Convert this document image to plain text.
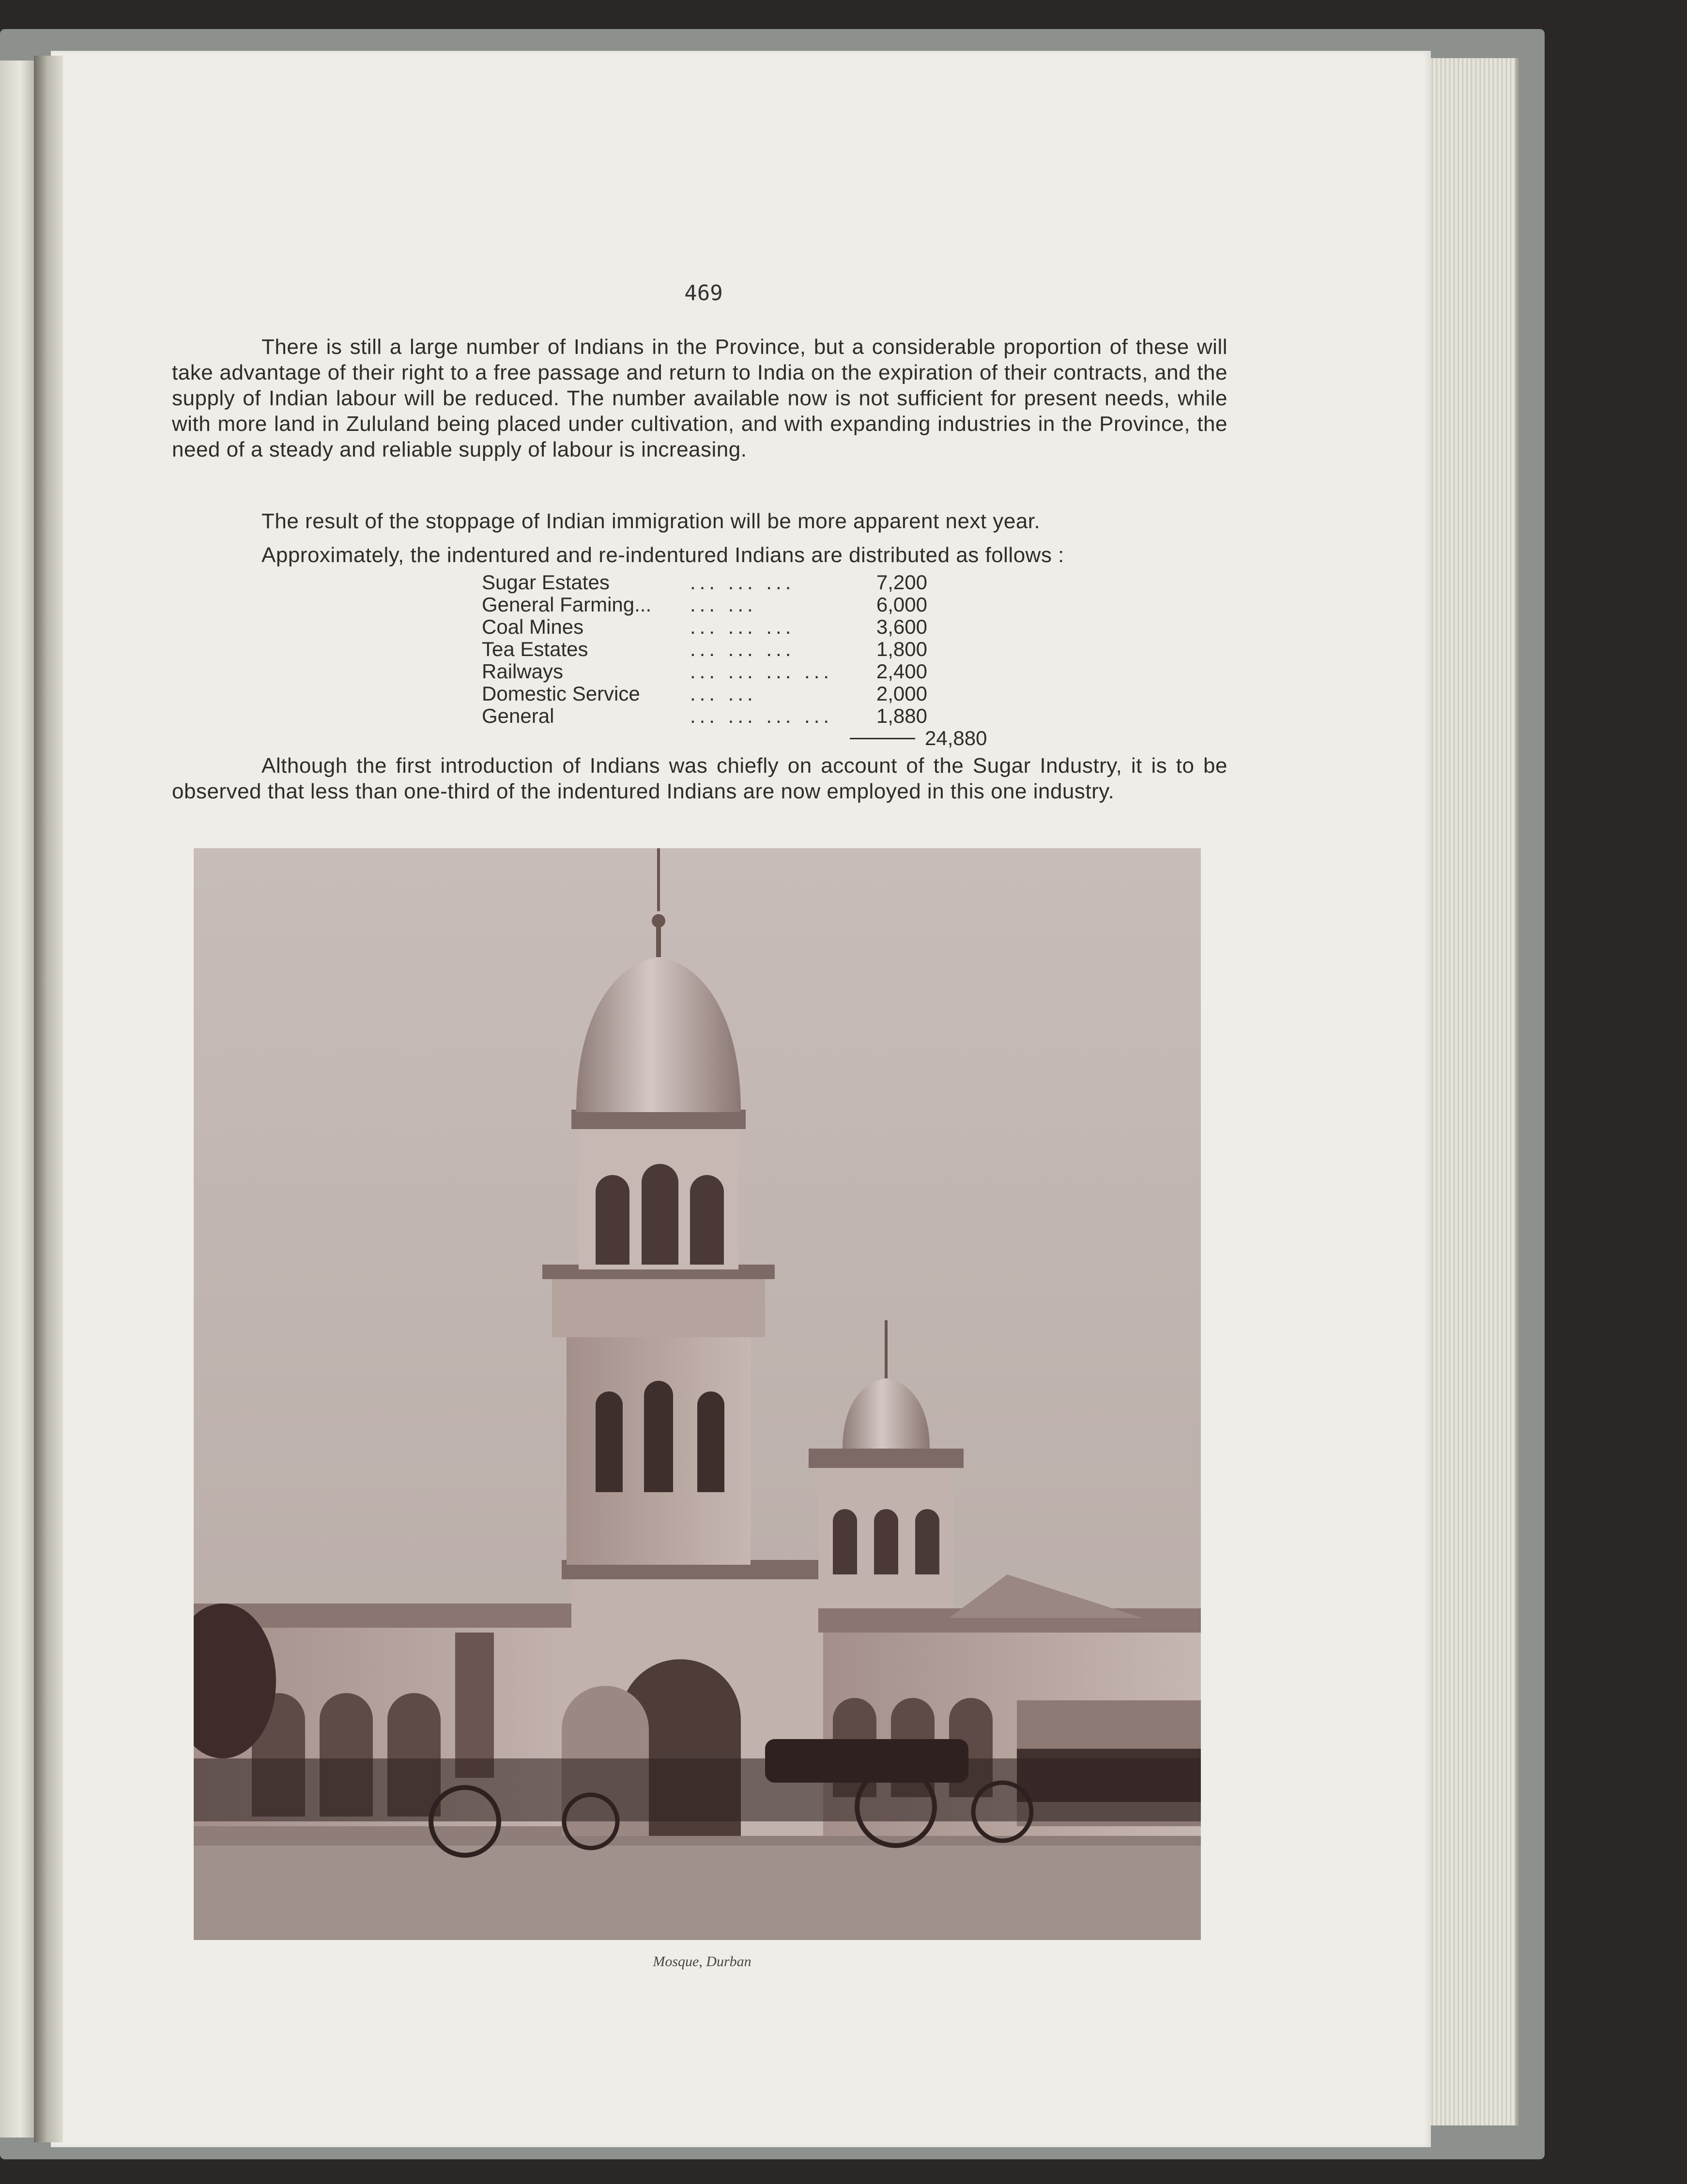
469

There is still a large number of Indians in the Province, but a considerable proportion of these will take advantage of their right to a free passage and return to India on the expiration of their contracts, and the supply of Indian labour will be reduced. The number available now is not sufficient for present needs, while with more land in Zululand being placed under cultivation, and with expanding industries in the Province, the need of a steady and reliable supply of labour is increasing.

The result of the stoppage of Indian immigration will be more apparent next year.

Approximately, the indentured and re-indentured Indians are distributed as follows :

Sugar Estates	... ... ...	7,200
General Farming...	... ...	6,000
Coal Mines	... ... ...	3,600
Tea Estates	... ... ...	1,800
Railways	... ... ... ...	2,400
Domestic Service	... ...	2,000
General	... ... ... ...	1,880
24,880

Although the first introduction of Indians was chiefly on account of the Sugar Industry, it is to be observed that less than one-third of the indentured Indians are now employed in this one industry.

Mosque, Durban
